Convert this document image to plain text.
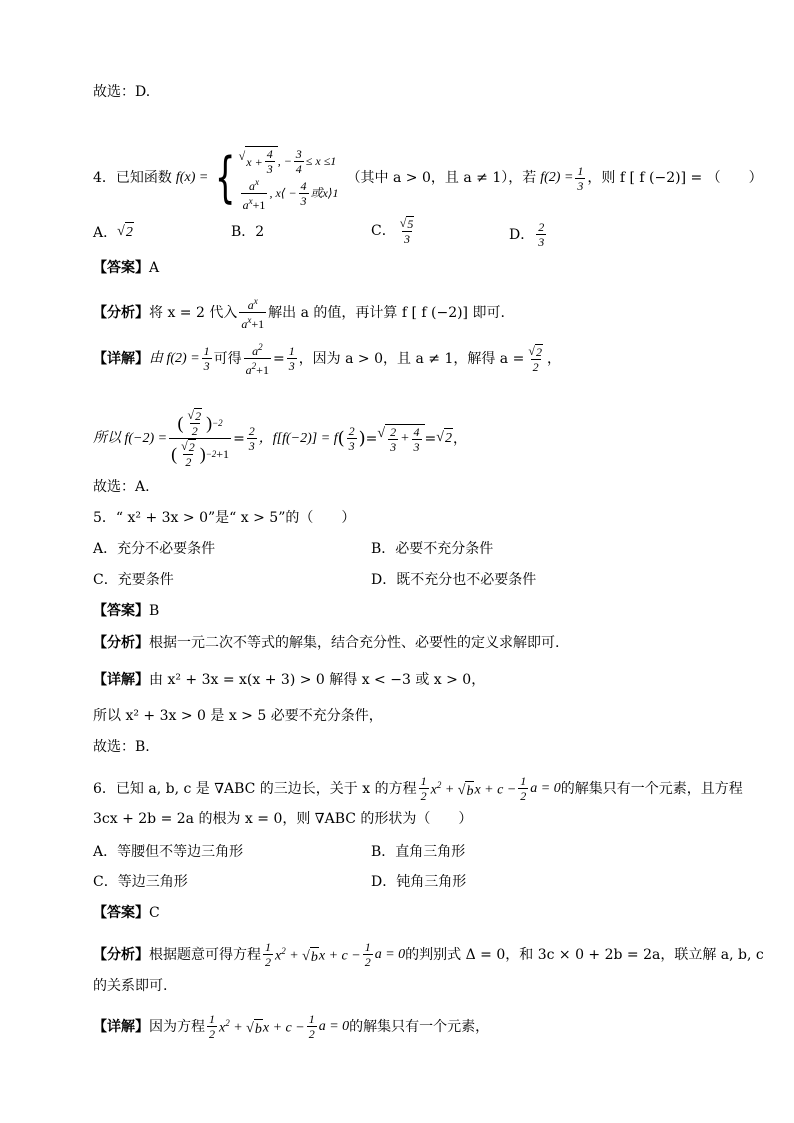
故选：D.
4．已知函数 f(x) = { √ $x + \frac{4}{3}$ , − $\frac{3}{4} \le x \le 1$
$\frac{a^x}{a^x+1}$ , x⟨ − $\frac{4}{3}$ 或x⟩1
（其中 a > 0，且 a ≠ 1），若 $f(2) = \frac{1}{3}$ ，则 f [ f (−2)] = （　　）
A． √ 2	B． 2	C． $\frac{√ 5}{3}$	D． $\frac{2}{3}$
【答案】 A
【分析】 将 x = 2 代入 $\frac{a^x}{a^x+1}$ 解出 a 的值，再计算 f [ f (−2)] 即可.
【详解】 由 $f(2) = \frac{1}{3}$ 可得 $\frac{a^2}{a^2+1} = \frac{1}{3}$ ，因为 a > 0，且 a ≠ 1，解得 $a = \frac{√ 2}{2}$ ，
所以 $f(-2) = \frac{( \frac{√ 2}{2} ) -2}{( \frac{√ 2}{2} ) -2 +1} = \frac{2}{3}$ ，f[f(−2)] = f ( $\frac{2}{3}$ ) = √ $\frac{2}{3} + \frac{4}{3}$ = √ 2 ，
故选：A.
5．“ x² + 3x > 0”是“ x > 5”的（　　）
A． 充分不必要条件	B． 必要不充分条件
C． 充要条件	D． 既不充分也不必要条件
【答案】 B
【分析】 根据一元二次不等式的解集，结合充分性、必要性的定义求解即可.
【详解】 由 x² + 3x = x(x + 3) > 0 解得 x < −3 或 x > 0，
所以 x² + 3x > 0 是 x > 5 必要不充分条件，
故选：B.
6．已知 a, b, c 是 ∇ABC 的三边长，关于 x 的方程 $\frac{1}{2} x^2$ + √ b $x + c - \frac{1}{2}$ a = 0 的解集只有一个元素，且方程
3cx + 2b = 2a 的根为 x = 0，则 ∇ABC 的形状为（　　）
A． 等腰但不等边三角形	B． 直角三角形
C． 等边三角形	D． 钝角三角形
【答案】 C
【分析】 根据题意可得方程 $\frac{1}{2} x^2$ + √ b $x + c - \frac{1}{2}$ a = 0 的判别式 Δ = 0，和 3c × 0 + 2b = 2a，联立解 a, b, c
的关系即可.
【详解】 因为方程 $\frac{1}{2} x^2$ + √ b $x + c - \frac{1}{2}$ a = 0 的解集只有一个元素，
